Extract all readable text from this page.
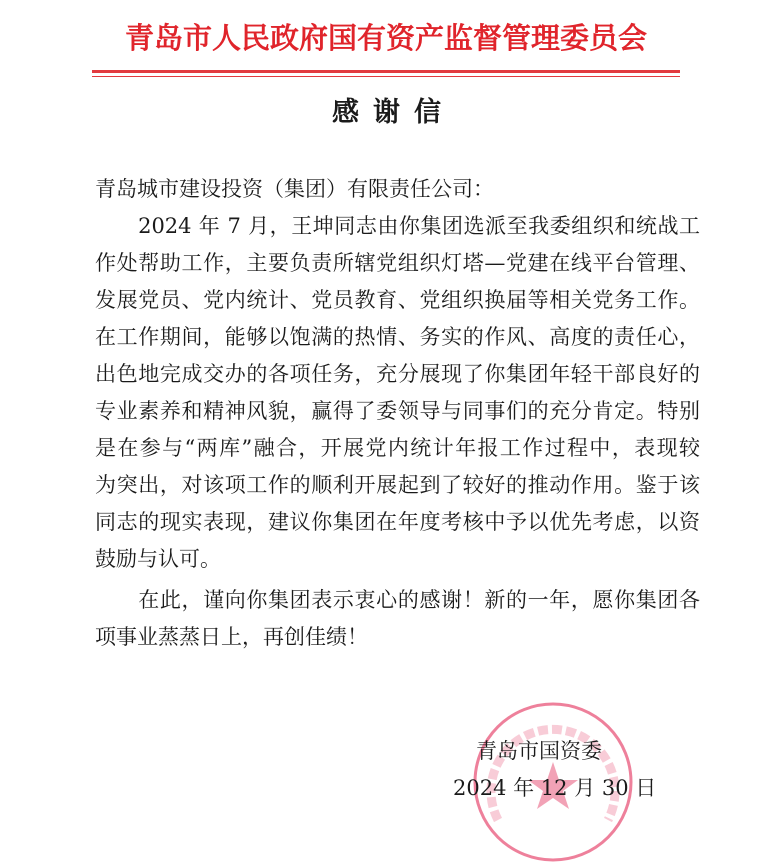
青岛市人民政府国有资产监督管理委员会
感谢信
青岛城市建设投资（集团）有限责任公司：
　　2024 年 7 月，王坤同志由你集团选派至我委组织和统战工
作处帮助工作，主要负责所辖党组织灯塔—党建在线平台管理、
发展党员、党内统计、党员教育、党组织换届等相关党务工作。
在工作期间，能够以饱满的热情、务实的作风、高度的责任心，
出色地完成交办的各项任务，充分展现了你集团年轻干部良好的
专业素养和精神风貌，赢得了委领导与同事们的充分肯定。特别
是在参与“两库”融合，开展党内统计年报工作过程中，表现较
为突出，对该项工作的顺利开展起到了较好的推动作用。鉴于该
同志的现实表现，建议你集团在年度考核中予以优先考虑，以资
鼓励与认可。
　　在此，谨向你集团表示衷心的感谢！新的一年，愿你集团各
项事业蒸蒸日上，再创佳绩！
青岛市国资委
2024 年 12 月 30 日
